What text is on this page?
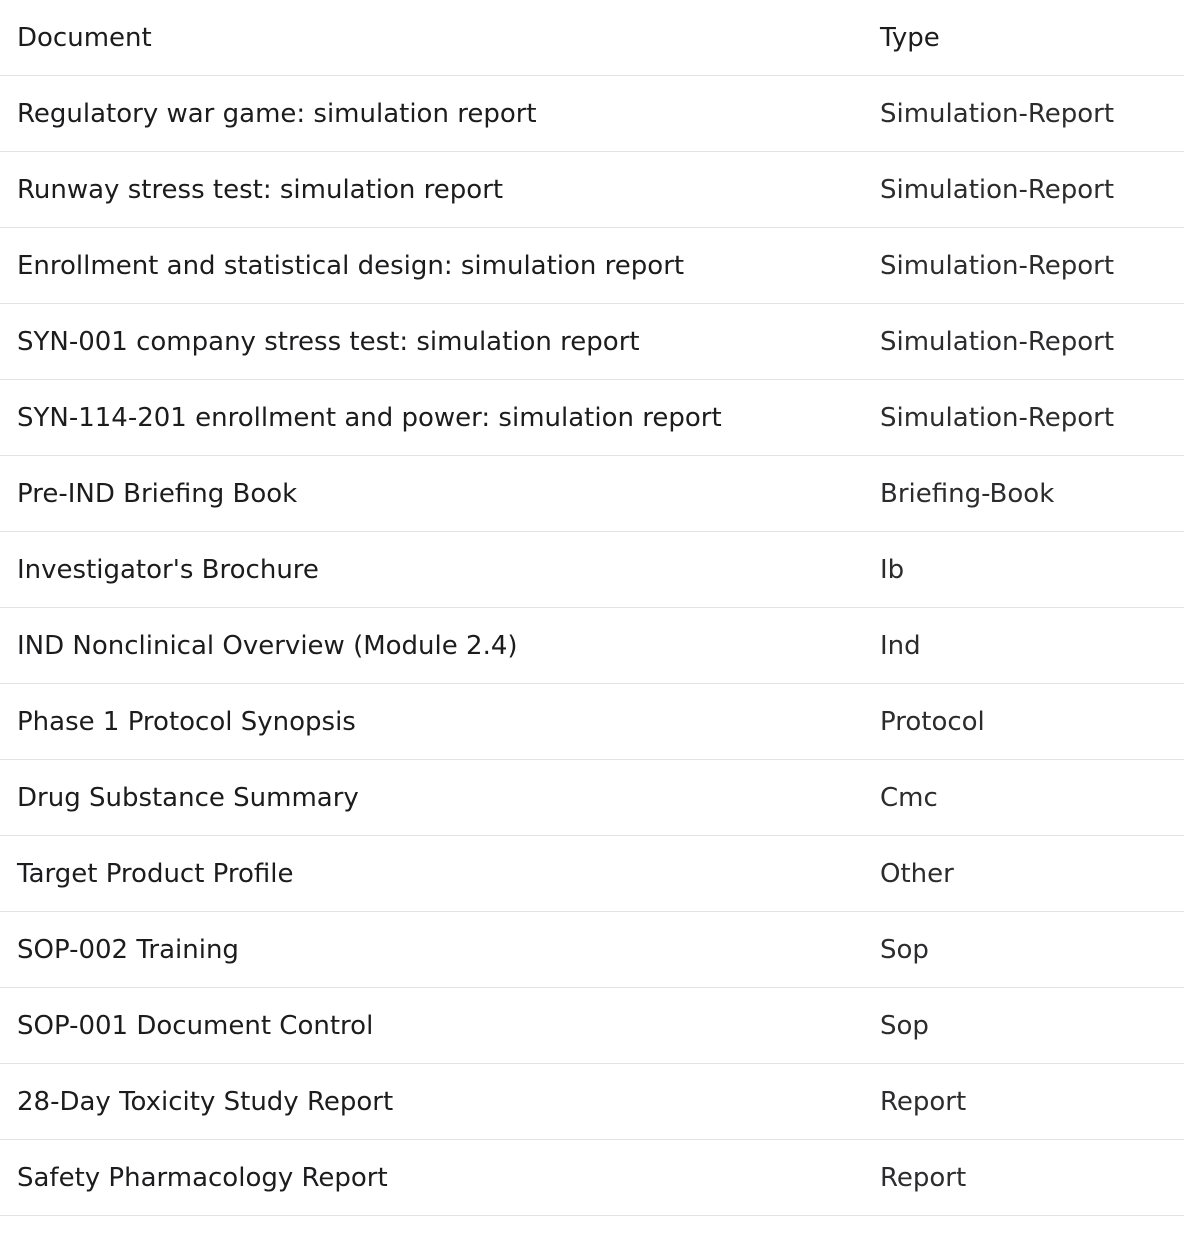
Document	Type
Regulatory war game: simulation report	Simulation-Report
Runway stress test: simulation report	Simulation-Report
Enrollment and statistical design: simulation report	Simulation-Report
SYN-001 company stress test: simulation report	Simulation-Report
SYN-114-201 enrollment and power: simulation report	Simulation-Report
Pre-IND Briefing Book	Briefing-Book
Investigator's Brochure	Ib
IND Nonclinical Overview (Module 2.4)	Ind
Phase 1 Protocol Synopsis	Protocol
Drug Substance Summary	Cmc
Target Product Profile	Other
SOP-002 Training	Sop
SOP-001 Document Control	Sop
28-Day Toxicity Study Report	Report
Safety Pharmacology Report	Report
